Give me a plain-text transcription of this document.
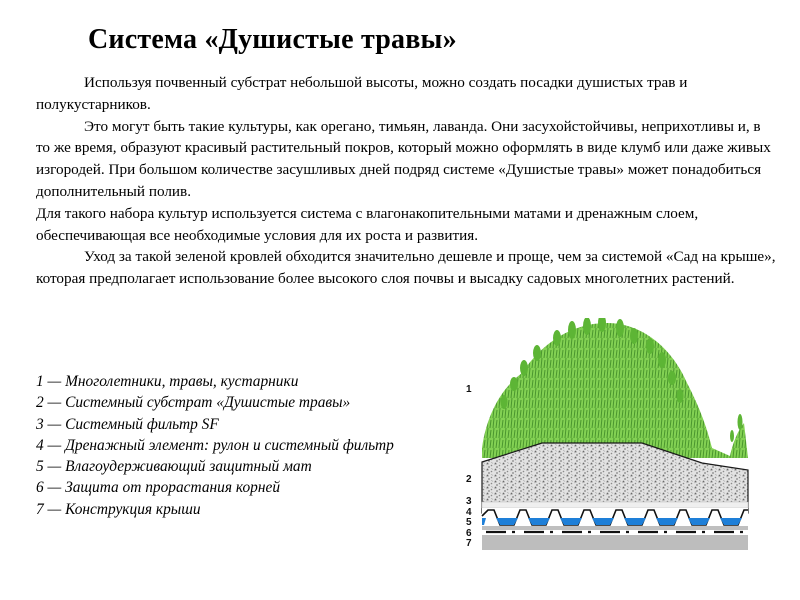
Система «Душистые травы»

Используя почвенный субстрат небольшой высоты, можно создать посадки душистых трав и полукустарников.

Это могут быть такие культуры, как орегано, тимьян, лаванда. Они засухойстойчивы, неприхотливы и, в то же время, образуют красивый растительный покров, который можно оформлять в виде клумб или даже живых изгородей. При большом количестве засушливых дней подряд системе «Душистые травы» может понадобиться дополнительный полив.

Для такого набора культур используется система с влагонакопительными матами и дренажным слоем, обеспечивающая все необходимые условия для их роста и развития.

Уход за такой зеленой кровлей обходится значительно дешевле и проще, чем за системой «Сад на крыше», которая предполагает использование более высокого слоя почвы и высадку садовых многолетних растений.

1 — Многолетники, травы, кустарники
2 — Системный субстрат «Душистые травы»
3 — Системный фильтр SF
4 — Дренажный элемент: рулон и системный фильтр
5 — Влагоудерживающий защитный мат
6 — Защита от прорастания корней
7 — Конструкция крыши
1
2
3
4
5
6
7
